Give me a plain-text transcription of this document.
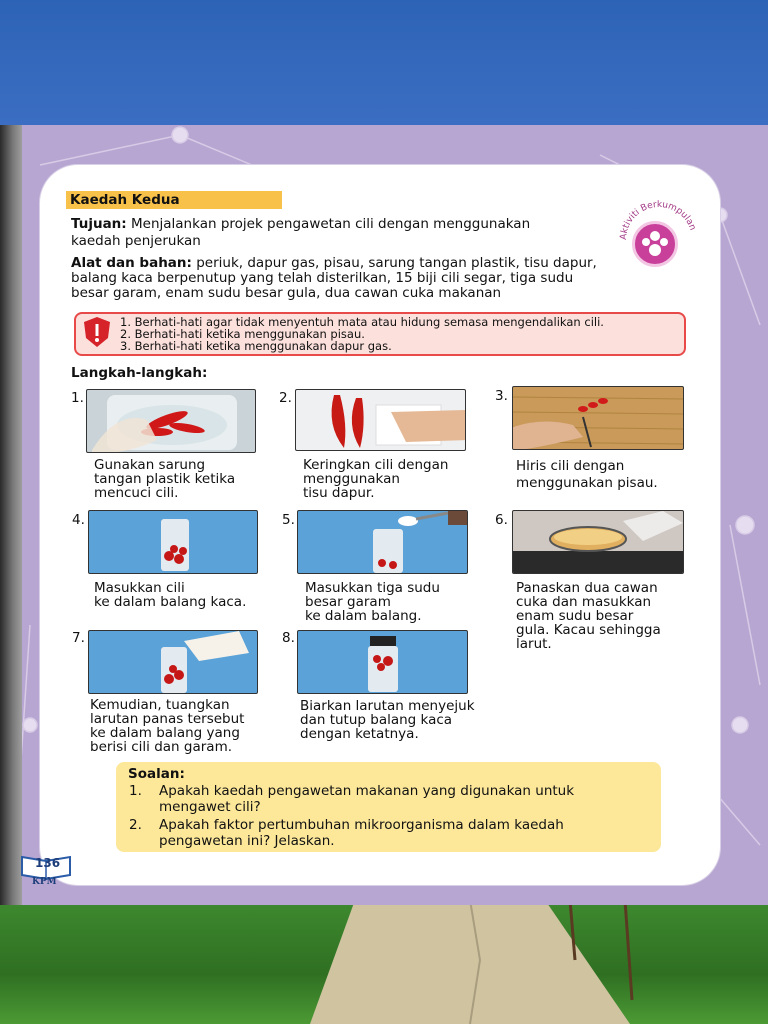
Kaedah Kedua
Aktiviti Berkumpulan
Tujuan: Menjalankan projek pengawetan cili dengan menggunakan
kaedah penjerukan
Alat dan bahan: periuk, dapur gas, pisau, sarung tangan plastik, tisu dapur,
balang kaca berpenutup yang telah disterilkan, 15 biji cili segar, tiga sudu
besar garam, enam sudu besar gula, dua cawan cuka makanan
1. Berhati-hati agar tidak menyentuh mata atau hidung semasa mengendalikan cili.
2. Berhati-hati ketika menggunakan pisau.
3. Berhati-hati ketika menggunakan dapur gas.
Langkah-langkah:
1.
Gunakan sarung
tangan plastik ketika
mencuci cili.
2.
Keringkan cili dengan
menggunakan
tisu dapur.
3.
Hiris cili dengan
menggunakan pisau.
4.
Masukkan cili
ke dalam balang kaca.
5.
Masukkan tiga sudu
besar garam
ke dalam balang.
6.
Panaskan dua cawan
cuka dan masukkan
enam sudu besar
gula. Kacau sehingga
larut.
7.
Kemudian, tuangkan
larutan panas tersebut
ke dalam balang yang
berisi cili dan garam.
8.
Biarkan larutan menyejuk
dan tutup balang kaca
dengan ketatnya.
Soalan:
1. Apakah kaedah pengawetan makanan yang digunakan untuk
mengawet cili?
2. Apakah faktor pertumbuhan mikroorganisma dalam kaedah
pengawetan ini? Jelaskan.
136
KPM
